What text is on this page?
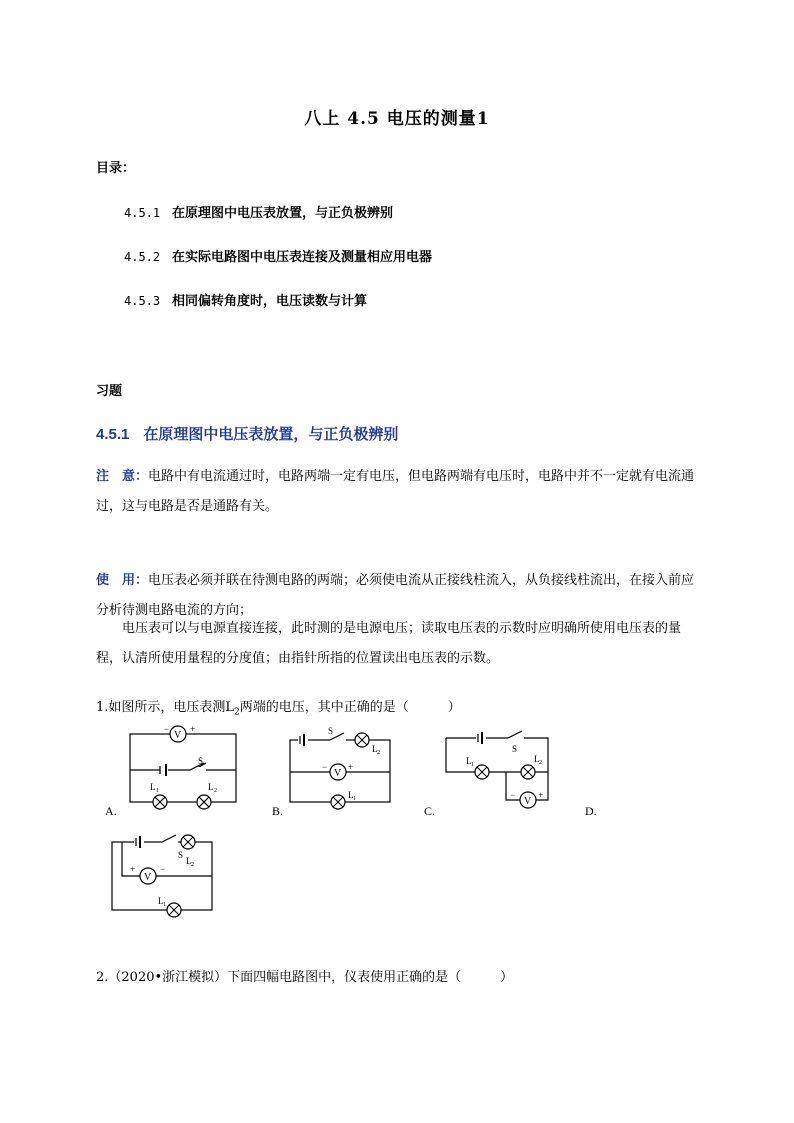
八上 4.5 电压的测量1
目录：
4.5.1 在原理图中电压表放置，与正负极辨别
4.5.2 在实际电路图中电压表连接及测量相应用电器
4.5.3 相同偏转角度时，电压读数与计算
习题
4.5.1 在原理图中电压表放置，与正负极辨别
注　意：电路中有电流通过时，电路两端一定有电压，但电路两端有电压时，电路中并不一定就有电流通过，这与电路是否是通路有关。
使　用：电压表必须并联在待测电路的两端；必须使电流从正接线柱流入，从负接线柱流出，在接入前应分析待测电路电流的方向；
电压表可以与电源直接连接，此时测的是电源电压；读取电压表的示数时应明确所使用电压表的量程，认清所使用量程的分度值；由指针所指的位置读出电压表的示数。
1.如图所示，电压表测$L_2$两端的电压，其中正确的是（　　　）
A.	B.	C.	D.
V
− +
S
L 1	L 2
V
− +
S
L 2
L 1	V
−	+
S
L 1
L 2
V
+	−
S
L 2
L 1
2.（2020•浙江模拟）下面四幅电路图中，仪表使用正确的是（　　　）
